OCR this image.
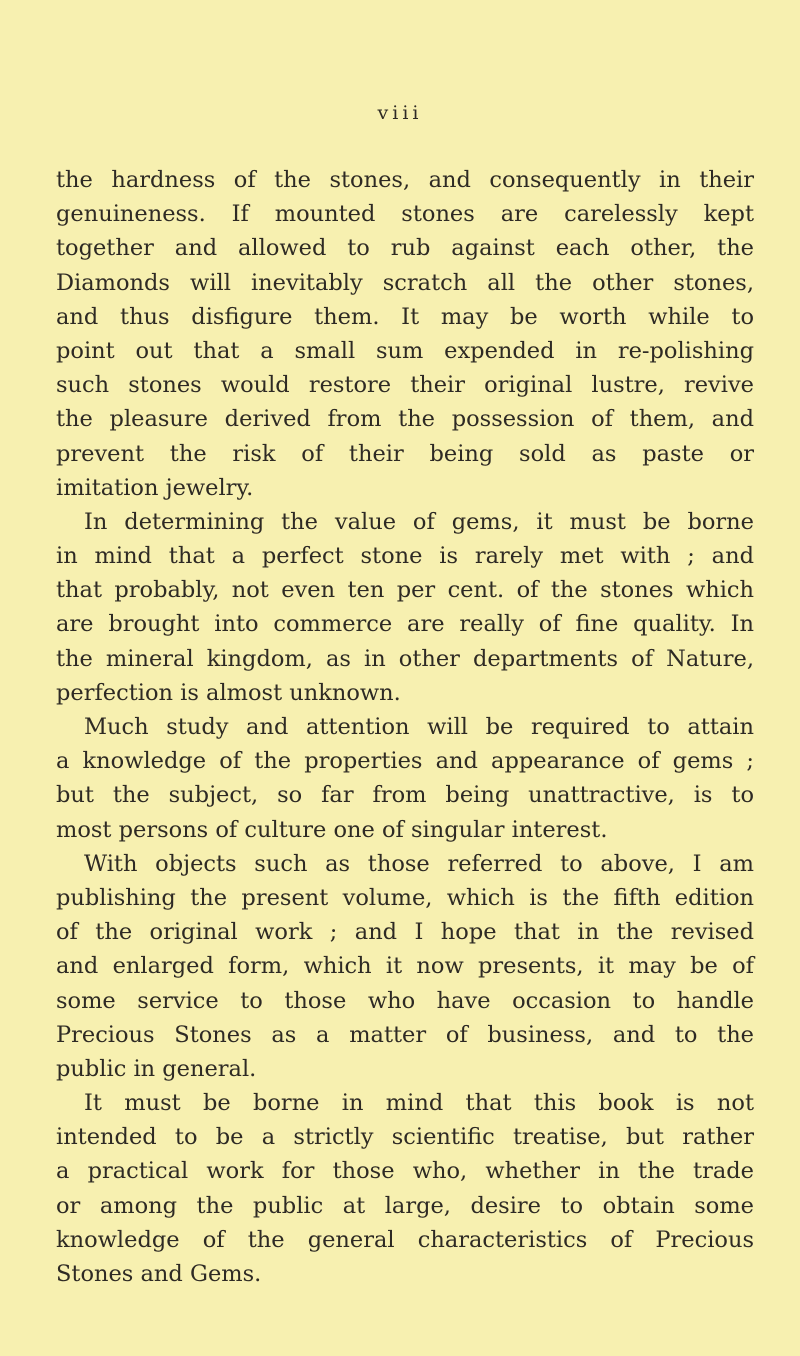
viii
the hardness of the stones, and consequently in their
genuineness. If mounted stones are carelessly kept
together and allowed to rub against each other, the
Diamonds will inevitably scratch all the other stones,
and thus disfigure them. It may be worth while to
point out that a small sum expended in re-polishing
such stones would restore their original lustre, revive
the pleasure derived from the possession of them, and
prevent the risk of their being sold as paste or
imitation jewelry.
In determining the value of gems, it must be borne
in mind that a perfect stone is rarely met with ; and
that probably, not even ten per cent. of the stones which
are brought into commerce are really of fine quality. In
the mineral kingdom, as in other departments of Nature,
perfection is almost unknown.
Much study and attention will be required to attain
a knowledge of the properties and appearance of gems ;
but the subject, so far from being unattractive, is to
most persons of culture one of singular interest.
With objects such as those referred to above, I am
publishing the present volume, which is the fifth edition
of the original work ; and I hope that in the revised
and enlarged form, which it now presents, it may be of
some service to those who have occasion to handle
Precious Stones as a matter of business, and to the
public in general.
It must be borne in mind that this book is not
intended to be a strictly scientific treatise, but rather
a practical work for those who, whether in the trade
or among the public at large, desire to obtain some
knowledge of the general characteristics of Precious
Stones and Gems.
